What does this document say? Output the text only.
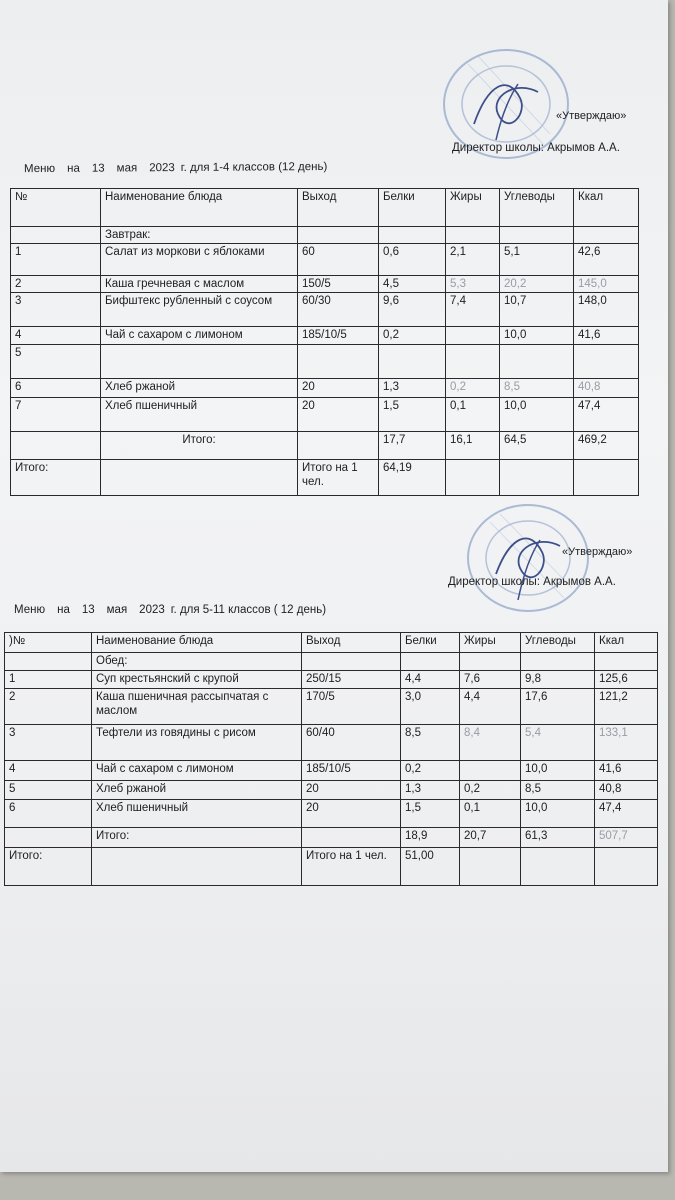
«Утверждаю»
Директор школы: Акрымов А.А.
Меню на 13 мая 2023 г. для 1-4 классов (12 день)
№	Наименование блюда	Выход	Белки	Жиры	Углеводы	Ккал
	Завтрак:					
1	Салат из моркови с яблоками	60	0,6	2,1	5,1	42,6
2	Каша гречневая с маслом	150/5	4,5	5,3	20,2	145,0
3	Бифштекс рубленный с соусом	60/30	9,6	7,4	10,7	148,0
4	Чай с сахаром с лимоном	185/10/5	0,2		10,0	41,6
5						
6	Хлеб ржаной	20	1,3	0,2	8,5	40,8
7	Хлеб пшеничный	20	1,5	0,1	10,0	47,4
	Итого:		17,7	16,1	64,5	469,2
Итого:		Итого на 1 чел.	64,19			
«Утверждаю»
Директор школы: Акрымов А.А.
Меню на 13 мая 2023 г. для 5-11 классов ( 12 день)
)№	Наименование блюда	Выход	Белки	Жиры	Углеводы	Ккал
	Обед:					
1	Суп крестьянский с крупой	250/15	4,4	7,6	9,8	125,6
2	Каша пшеничная рассыпчатая с маслом	170/5	3,0	4,4	17,6	121,2
3	Тефтели из говядины с рисом	60/40	8,5	8,4	5,4	133,1
4	Чай с сахаром с лимоном	185/10/5	0,2		10,0	41,6
5	Хлеб ржаной	20	1,3	0,2	8,5	40,8
6	Хлеб пшеничный	20	1,5	0,1	10,0	47,4
	Итого:		18,9	20,7	61,3	507,7
Итого:		Итого на 1 чел.	51,00			
